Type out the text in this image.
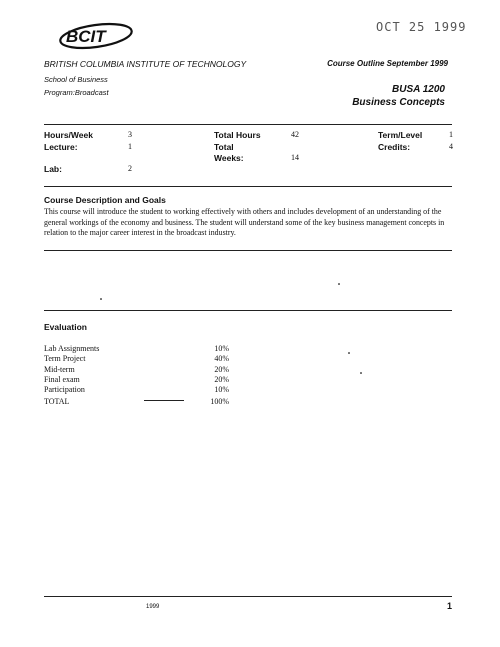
BCIT	OCT 25 1999
BRITISH COLUMBIA INSTITUTE OF TECHNOLOGY	Course Outline September 1999
School of Business
Program:Broadcast	BUSA 1200
Business Concepts
Hours/Week	3
Lecture:	1
Lab:	2
Total Hours	42
Total
Weeks:	14
Term/Level	1
Credits:	4
Course Description and Goals
This course will introduce the student to working effectively with others and includes development of an understanding of the general workings of the economy and business. The student will understand some of the key business management concepts in relation to the major career interest in the broadcast industry.
Evaluation
Lab Assignments	10%
Term Project	40%
Mid-term	20%
Final exam	20%
Participation	10%
TOTAL	100%
1999	1
